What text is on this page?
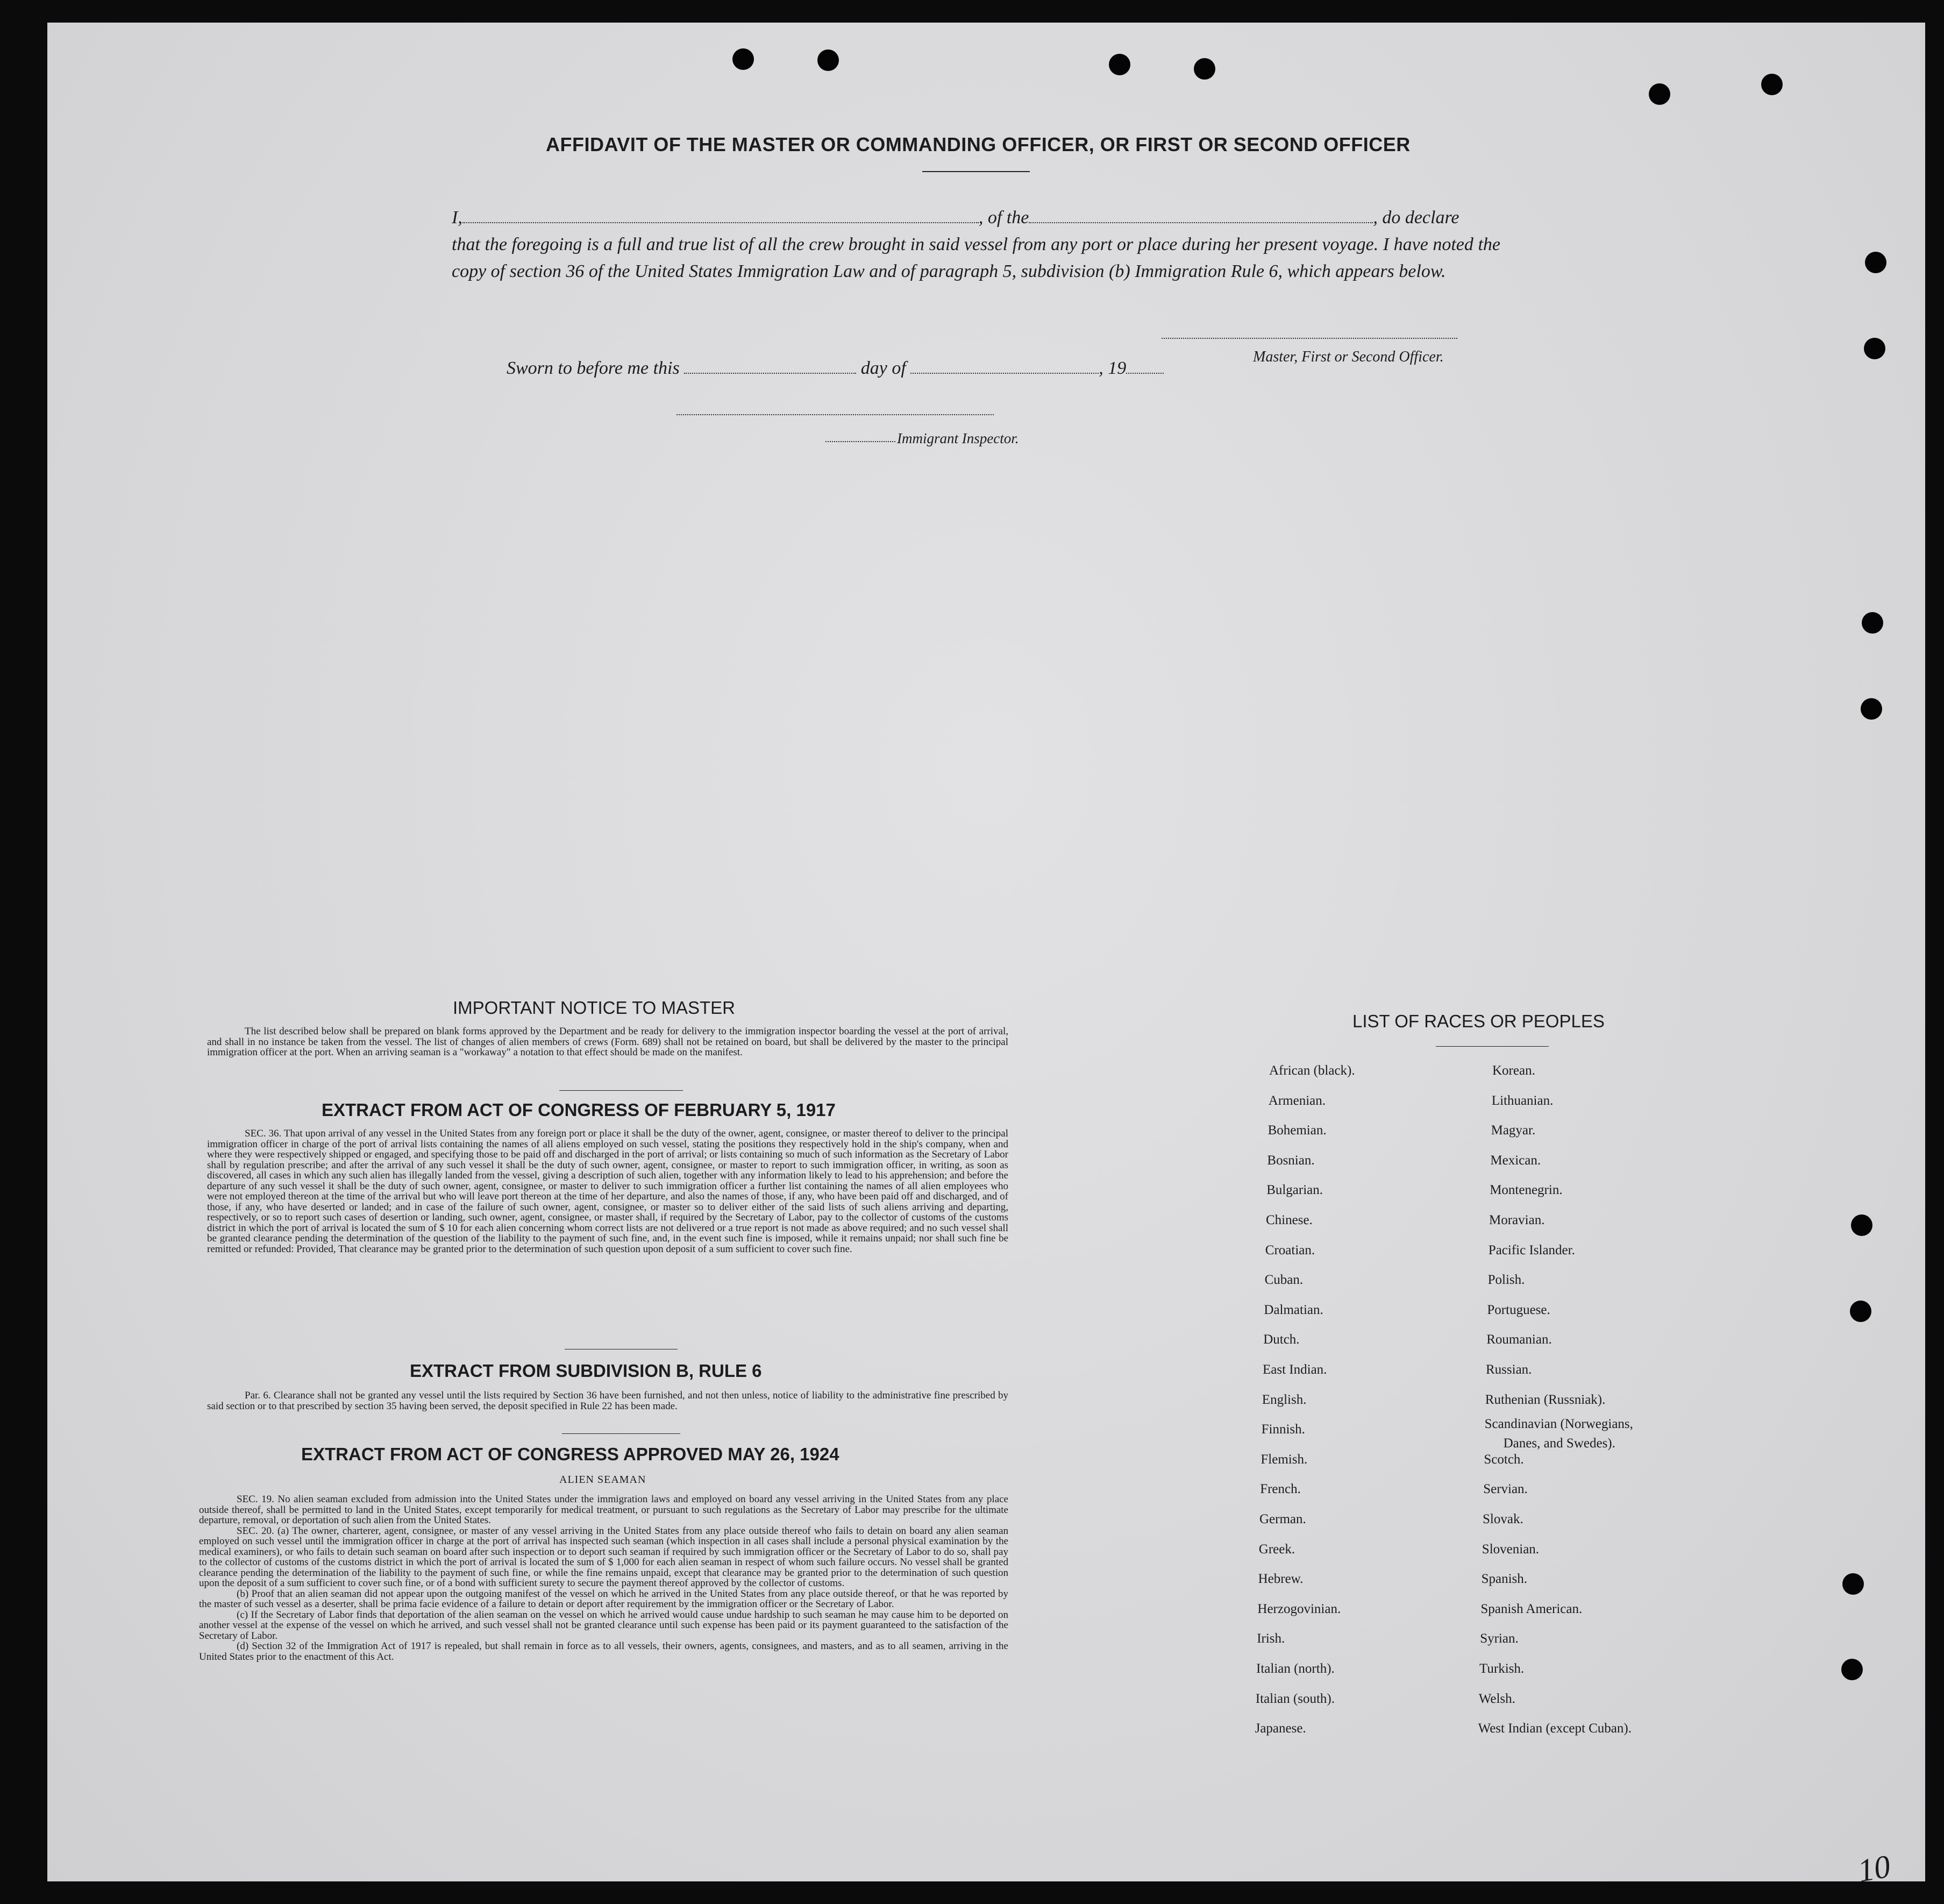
AFFIDAVIT OF THE MASTER OR COMMANDING OFFICER, OR FIRST OR SECOND OFFICER
I,	, of the	, do declare
that the foregoing is a full and true list of all the crew brought in said vessel from any port or place during her present voyage. I have noted the copy of section 36 of the United States Immigration Law and of paragraph 5, subdivision (b) Immigration Rule 6, which appears below.
Master, First or Second Officer.
Sworn to before me this	day of	, 19
Immigrant Inspector.
IMPORTANT NOTICE TO MASTER

The list described below shall be prepared on blank forms approved by the Department and be ready for delivery to the immigration inspector boarding the vessel at the port of arrival, and shall in no instance be taken from the vessel. The list of changes of alien members of crews (Form. 689) shall not be retained on board, but shall be delivered by the master to the principal immigration officer at the port. When an arriving seaman is a "workaway" a notation to that effect should be made on the manifest.

EXTRACT FROM ACT OF CONGRESS OF FEBRUARY 5, 1917

SEC. 36. That upon arrival of any vessel in the United States from any foreign port or place it shall be the duty of the owner, agent, consignee, or master thereof to deliver to the principal immigration officer in charge of the port of arrival lists containing the names of all aliens employed on such vessel, stating the positions they respectively hold in the ship's company, when and where they were respectively shipped or engaged, and specifying those to be paid off and discharged in the port of arrival; or lists containing so much of such information as the Secretary of Labor shall by regulation prescribe; and after the arrival of any such vessel it shall be the duty of such owner, agent, consignee, or master to report to such immigration officer, in writing, as soon as discovered, all cases in which any such alien has illegally landed from the vessel, giving a description of such alien, together with any information likely to lead to his apprehension; and before the departure of any such vessel it shall be the duty of such owner, agent, consignee, or master to deliver to such immigration officer a further list containing the names of all alien employees who were not employed thereon at the time of the arrival but who will leave port thereon at the time of her departure, and also the names of those, if any, who have been paid off and discharged, and of those, if any, who have deserted or landed; and in case of the failure of such owner, agent, consignee, or master so to deliver either of the said lists of such aliens arriving and departing, respectively, or so to report such cases of desertion or landing, such owner, agent, consignee, or master shall, if required by the Secretary of Labor, pay to the collector of customs of the customs district in which the port of arrival is located the sum of $ 10 for each alien concerning whom correct lists are not delivered or a true report is not made as above required; and no such vessel shall be granted clearance pending the determination of the question of the liability to the payment of such fine, and, in the event such fine is imposed, while it remains unpaid; nor shall such fine be remitted or refunded: Provided, That clearance may be granted prior to the determination of such question upon deposit of a sum sufficient to cover such fine.

EXTRACT FROM SUBDIVISION B, RULE 6

Par. 6. Clearance shall not be granted any vessel until the lists required by Section 36 have been furnished, and not then unless, notice of liability to the administrative fine prescribed by said section or to that prescribed by section 35 having been served, the deposit specified in Rule 22 has been made.

EXTRACT FROM ACT OF CONGRESS APPROVED MAY 26, 1924
ALIEN SEAMAN

SEC. 19. No alien seaman excluded from admission into the United States under the immigration laws and employed on board any vessel arriving in the United States from any place outside thereof, shall be permitted to land in the United States, except temporarily for medical treatment, or pursuant to such regulations as the Secretary of Labor may prescribe for the ultimate departure, removal, or deportation of such alien from the United States.

SEC. 20. (a) The owner, charterer, agent, consignee, or master of any vessel arriving in the United States from any place outside thereof who fails to detain on board any alien seaman employed on such vessel until the immigration officer in charge at the port of arrival has inspected such seaman (which inspection in all cases shall include a personal physical examination by the medical examiners), or who fails to detain such seaman on board after such inspection or to deport such seaman if required by such immigration officer or the Secretary of Labor to do so, shall pay to the collector of customs of the customs district in which the port of arrival is located the sum of $ 1,000 for each alien seaman in respect of whom such failure occurs. No vessel shall be granted clearance pending the determination of the liability to the payment of such fine, or while the fine remains unpaid, except that clearance may be granted prior to the determination of such question upon the deposit of a sum sufficient to cover such fine, or of a bond with sufficient surety to secure the payment thereof approved by the collector of customs.

(b) Proof that an alien seaman did not appear upon the outgoing manifest of the vessel on which he arrived in the United States from any place outside thereof, or that he was reported by the master of such vessel as a deserter, shall be prima facie evidence of a failure to detain or deport after requirement by the immigration officer or the Secretary of Labor.

(c) If the Secretary of Labor finds that deportation of the alien seaman on the vessel on which he arrived would cause undue hardship to such seaman he may cause him to be deported on another vessel at the expense of the vessel on which he arrived, and such vessel shall not be granted clearance until such expense has been paid or its payment guaranteed to the satisfaction of the Secretary of Labor.

(d) Section 32 of the Immigration Act of 1917 is repealed, but shall remain in force as to all vessels, their owners, agents, consignees, and masters, and as to all seamen, arriving in the United States prior to the enactment of this Act.

LIST OF RACES OR PEOPLES
African (black).
Armenian.
Bohemian.
Bosnian.
Bulgarian.
Chinese.
Croatian.
Cuban.
Dalmatian.
Dutch.
East Indian.
English.
Finnish.
Flemish.
French.
German.
Greek.
Hebrew.
Herzogovinian.
Irish.
Italian (north).
Italian (south).
Japanese.
Korean.
Lithuanian.
Magyar.
Mexican.
Montenegrin.
Moravian.
Pacific Islander.
Polish.
Portuguese.
Roumanian.
Russian.
Ruthenian (Russniak).
Scandinavian (Norwegians,
Danes, and Swedes).
Scotch.
Servian.
Slovak.
Slovenian.
Spanish.
Spanish American.
Syrian.
Turkish.
Welsh.
West Indian (except Cuban).
10
